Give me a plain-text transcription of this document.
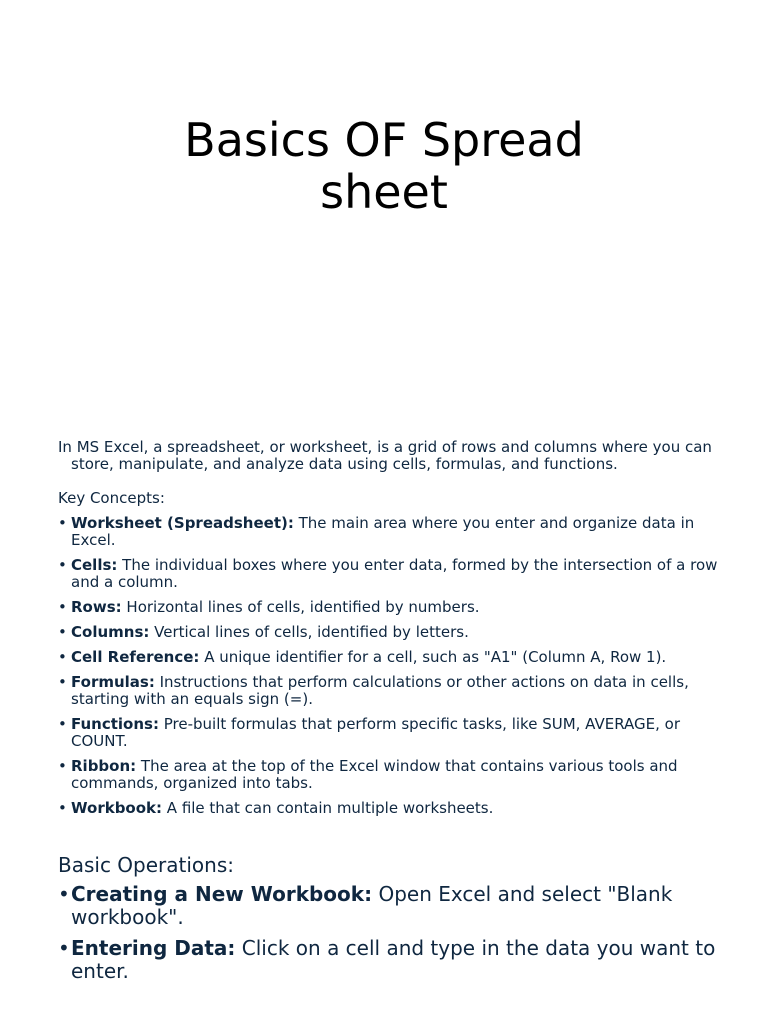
Basics OF Spread
sheet

In MS Excel, a spreadsheet, or worksheet, is a grid of rows and columns where you can store, manipulate, and analyze data using cells, formulas, and functions.

Key Concepts:

• Worksheet (Spreadsheet): The main area where you enter and organize data in Excel.
• Cells: The individual boxes where you enter data, formed by the intersection of a row and a column.
• Rows: Horizontal lines of cells, identified by numbers.
• Columns: Vertical lines of cells, identified by letters.
• Cell Reference: A unique identifier for a cell, such as "A1" (Column A, Row 1).
• Formulas: Instructions that perform calculations or other actions on data in cells, starting with an equals sign (=).
• Functions: Pre-built formulas that perform specific tasks, like SUM, AVERAGE, or COUNT.
• Ribbon: The area at the top of the Excel window that contains various tools and commands, organized into tabs.
• Workbook: A file that can contain multiple worksheets.

Basic Operations:

• Creating a New Workbook: Open Excel and select "Blank workbook".
• Entering Data: Click on a cell and type in the data you want to enter.
